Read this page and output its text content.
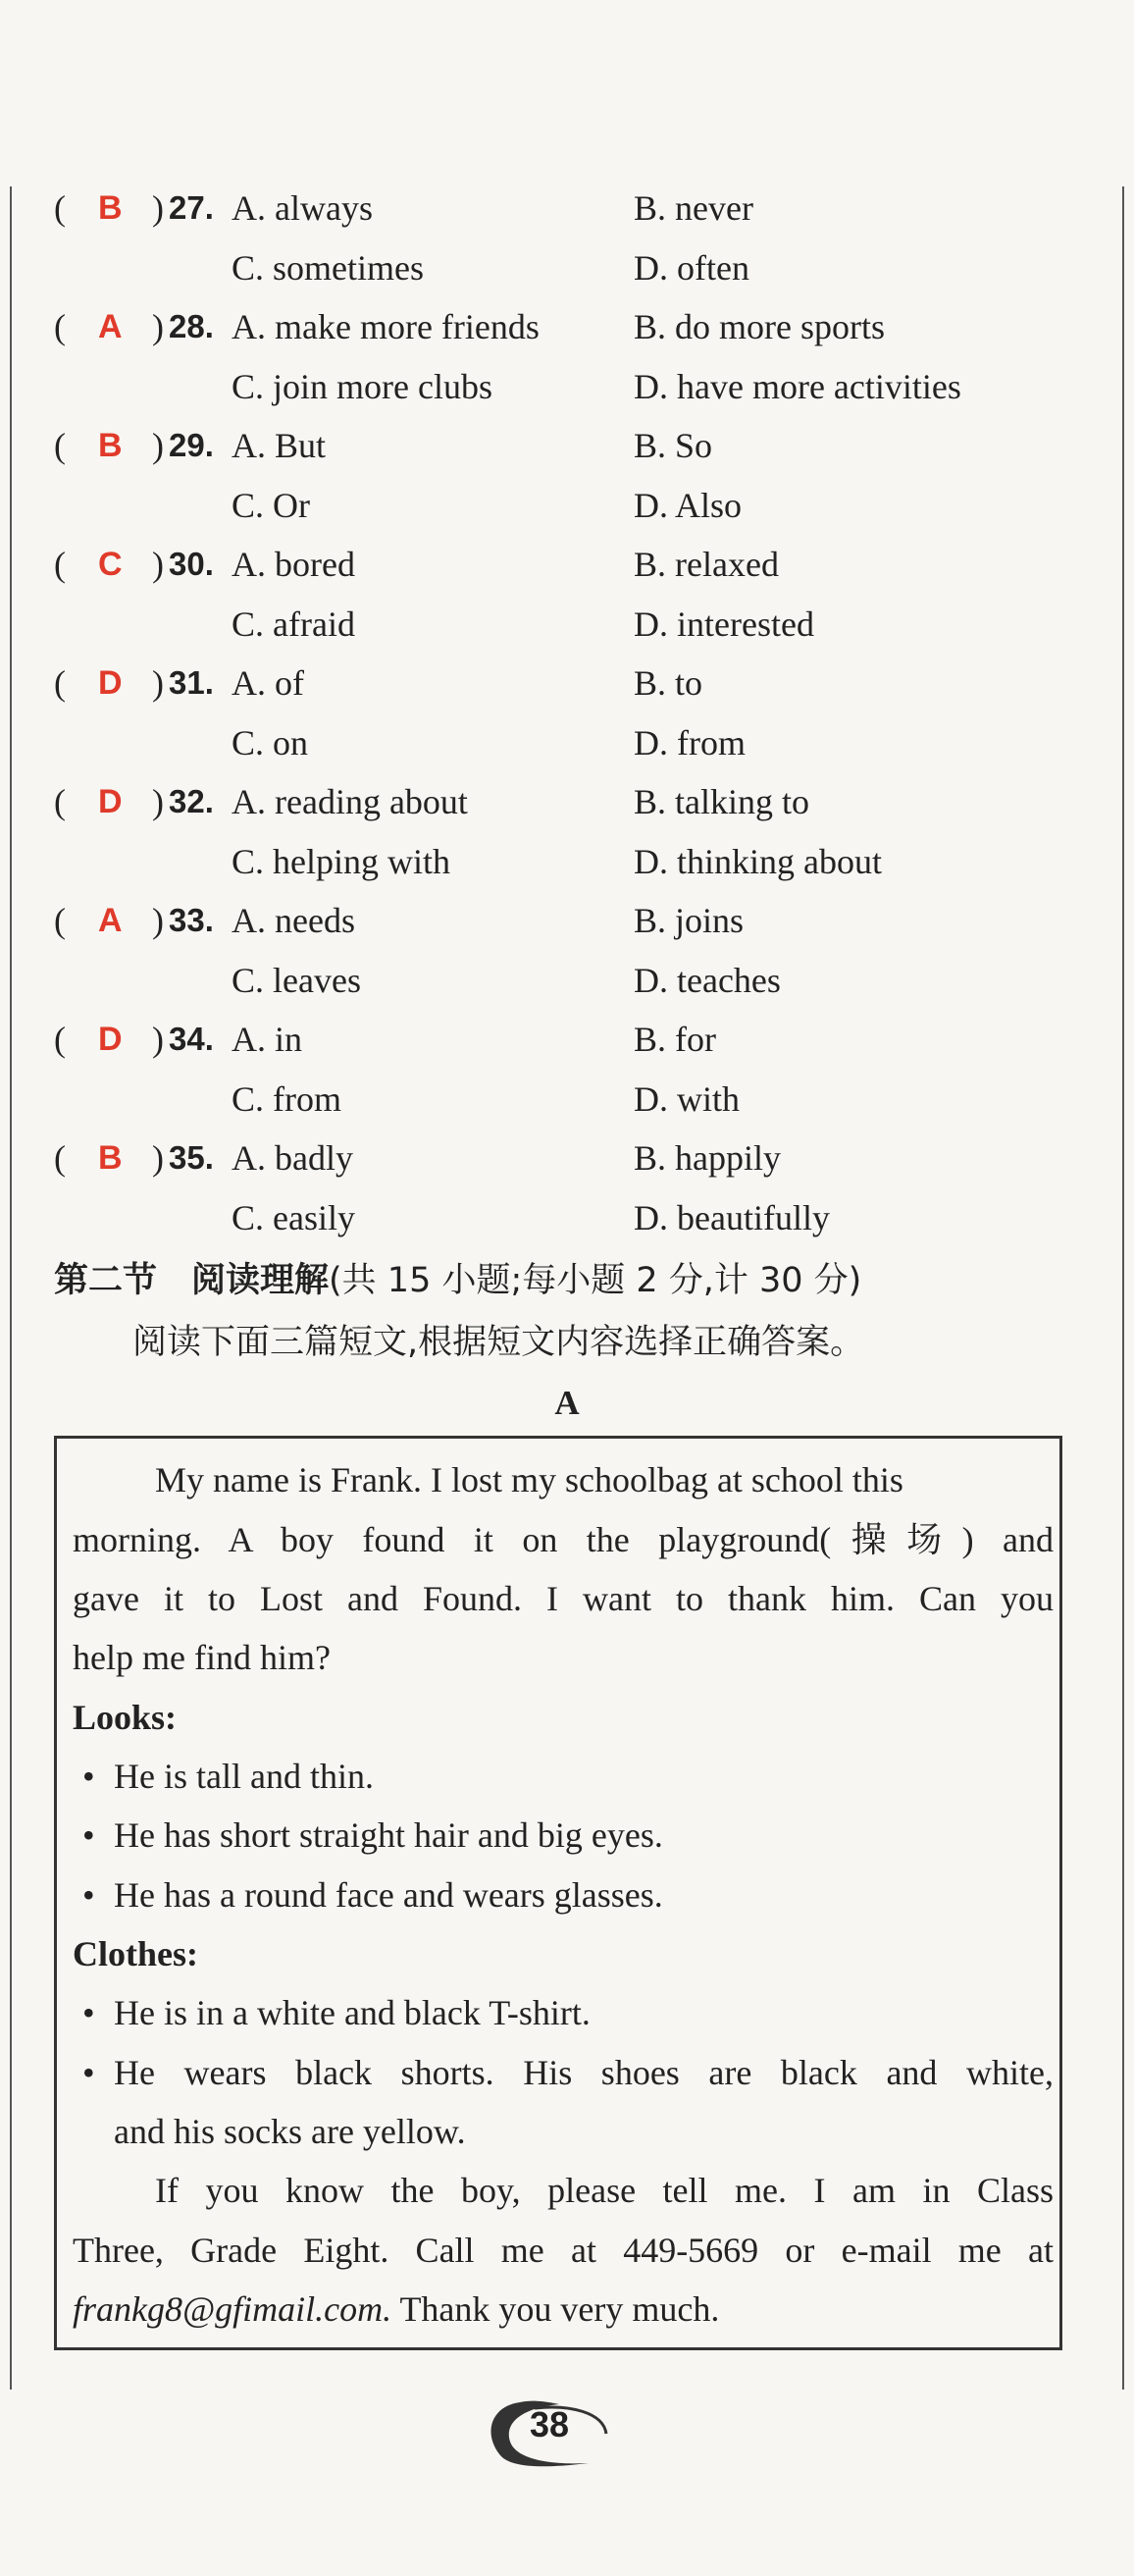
( B ) 27. A. always	B. never
C. sometimes	D. often
( A ) 28. A. make more friends	B. do more sports
C. join more clubs	D. have more activities
( B ) 29. A. But	B. So
C. Or	D. Also
( C ) 30. A. bored	B. relaxed
C. afraid	D. interested
( D ) 31. A. of	B. to
C. on	D. from
( D ) 32. A. reading about	B. talking to
C. helping with	D. thinking about
( A ) 33. A. needs	B. joins
C. leaves	D. teaches
( D ) 34. A. in	B. for
C. from	D. with
( B ) 35. A. badly	B. happily
C. easily	D. beautifully
第二节　阅读理解(共 15 小题;每小题 2 分,计 30 分)
阅读下面三篇短文,根据短文内容选择正确答案。
A
My name is Frank. I lost my schoolbag at school this
morning. A boy found it on the playground(操场) and
gave it to Lost and Found. I want to thank him. Can you
help me find him?
Looks:
• He is tall and thin.
• He has short straight hair and big eyes.
• He has a round face and wears glasses.
Clothes:
• He is in a white and black T-shirt.
• He wears black shorts. His shoes are black and white,
and his socks are yellow.
If you know the boy, please tell me. I am in Class
Three, Grade Eight. Call me at 449-5669 or e-mail me at
frankg8@gfimail.com. Thank you very much.
38
